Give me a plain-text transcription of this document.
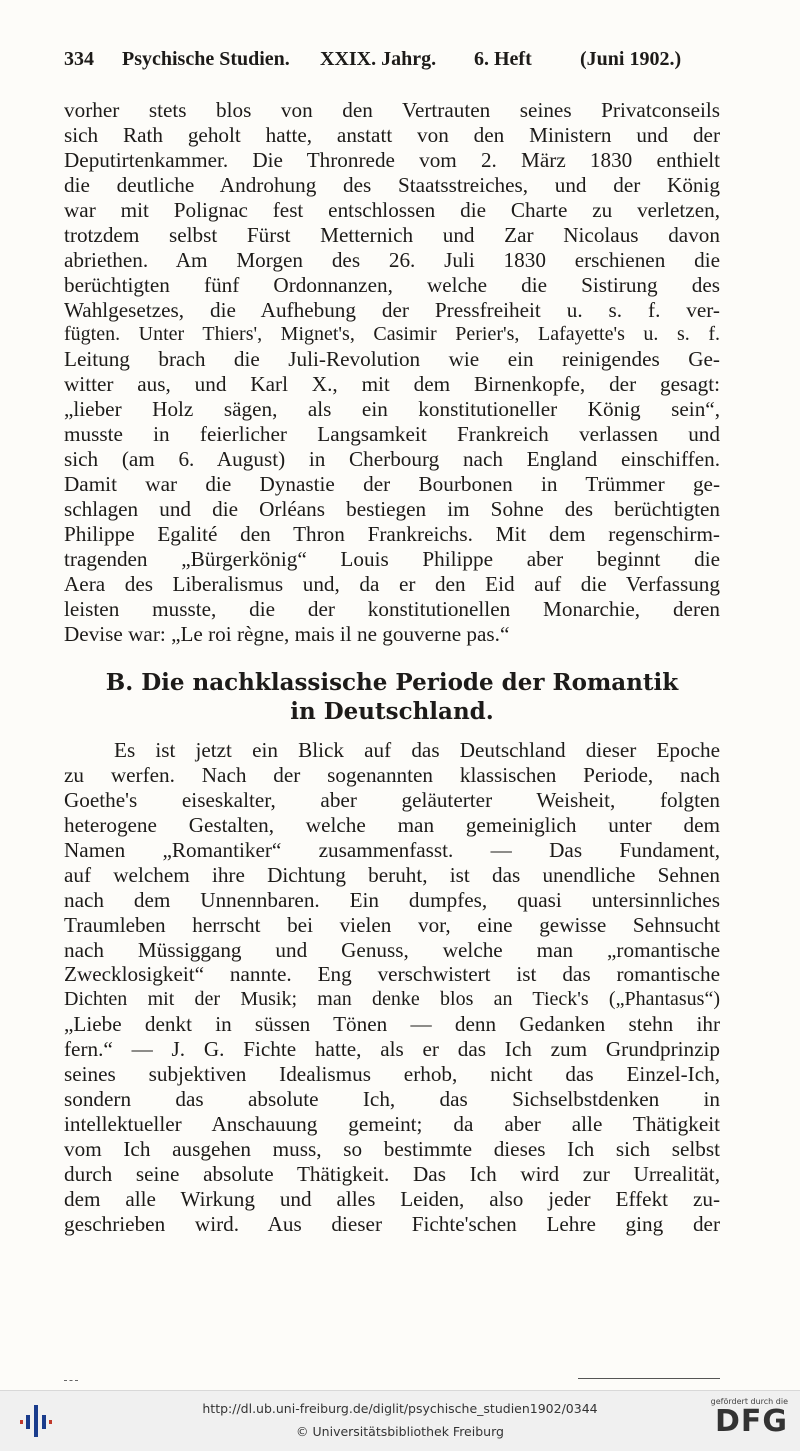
334 Psychische Studien. XXIX. Jahrg. 6. Heft (Juni 1902.)
vorher stets blos von den Vertrauten seines Privatconseils
sich Rath geholt hatte, anstatt von den Ministern und der
Deputirtenkammer. Die Thronrede vom 2. März 1830 enthielt
die deutliche Androhung des Staatsstreiches, und der König
war mit Polignac fest entschlossen die Charte zu verletzen,
trotzdem selbst Fürst Metternich und Zar Nicolaus davon
abriethen. Am Morgen des 26. Juli 1830 erschienen die
berüchtigten fünf Ordonnanzen, welche die Sistirung des
Wahlgesetzes, die Aufhebung der Pressfreiheit u. s. f. ver-
fügten. Unter Thiers', Mignet's, Casimir Perier's, Lafayette's u. s. f.
Leitung brach die Juli-Revolution wie ein reinigendes Ge-
witter aus, und Karl X., mit dem Birnenkopfe, der gesagt:
„lieber Holz sägen, als ein konstitutioneller König sein“,
musste in feierlicher Langsamkeit Frankreich verlassen und
sich (am 6. August) in Cherbourg nach England einschiffen.
Damit war die Dynastie der Bourbonen in Trümmer ge-
schlagen und die Orléans bestiegen im Sohne des berüchtigten
Philippe Egalité den Thron Frankreichs. Mit dem regenschirm-
tragenden „Bürgerkönig“ Louis Philippe aber beginnt die
Aera des Liberalismus und, da er den Eid auf die Verfassung
leisten musste, die der konstitutionellen Monarchie, deren
Devise war: „Le roi règne, mais il ne gouverne pas.“
B. Die nachklassische Periode der Romantik
in Deutschland.
Es ist jetzt ein Blick auf das Deutschland dieser Epoche
zu werfen. Nach der sogenannten klassischen Periode, nach
Goethe's eiseskalter, aber geläuterter Weisheit, folgten
heterogene Gestalten, welche man gemeiniglich unter dem
Namen „Romantiker“ zusammenfasst. — Das Fundament,
auf welchem ihre Dichtung beruht, ist das unendliche Sehnen
nach dem Unnennbaren. Ein dumpfes, quasi untersinnliches
Traumleben herrscht bei vielen vor, eine gewisse Sehnsucht
nach Müssiggang und Genuss, welche man „romantische
Zwecklosigkeit“ nannte. Eng verschwistert ist das romantische
Dichten mit der Musik; man denke blos an Tieck's („Phantasus“)
„Liebe denkt in süssen Tönen — denn Gedanken stehn ihr
fern.“ — J. G. Fichte hatte, als er das Ich zum Grundprinzip
seines subjektiven Idealismus erhob, nicht das Einzel-Ich,
sondern das absolute Ich, das Sichselbstdenken in
intellektueller Anschauung gemeint; da aber alle Thätigkeit
vom Ich ausgehen muss, so bestimmte dieses Ich sich selbst
durch seine absolute Thätigkeit. Das Ich wird zur Urrealität,
dem alle Wirkung und alles Leiden, also jeder Effekt zu-
geschrieben wird. Aus dieser Fichte'schen Lehre ging der
http://dl.ub.uni-freiburg.de/diglit/psychische_studien1902/0344
© Universitätsbibliothek Freiburg
gefördert durch die
DFG
